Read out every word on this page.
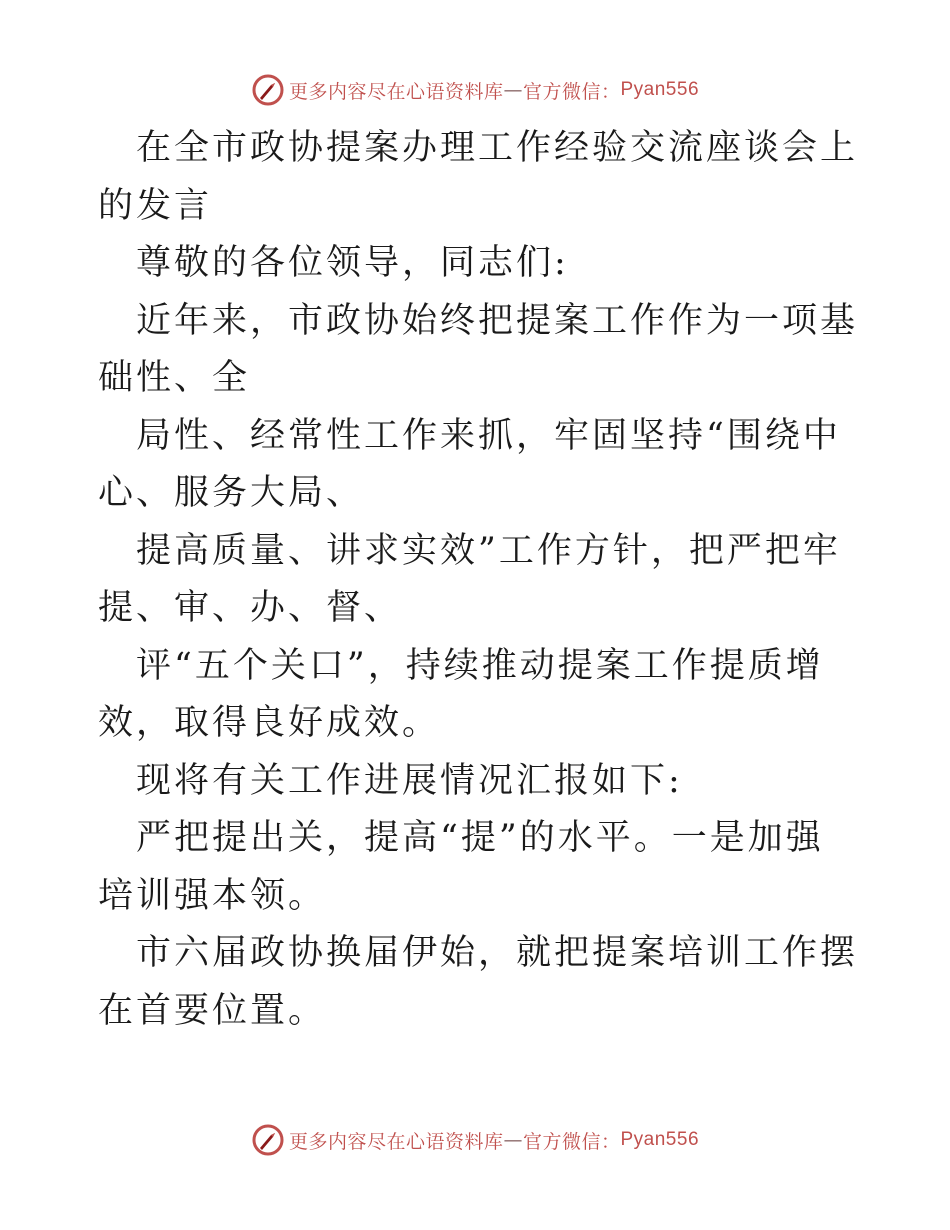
更多内容尽在心语资料库 — 官方微信： Pyan556

在全市政协提案办理工作经验交流座谈会上的发言

尊敬的各位领导，同志们:

近年来，市政协始终把提案工作作为一项基础性、全

局性、经常性工作来抓，牢固坚持“围绕中心、服务大局、

提高质量、讲求实效”工作方针，把严把牢提、审、办、督、

评“五个关口”，持续推动提案工作提质增效，取得良好成效。

现将有关工作进展情况汇报如下:

严把提出关，提高“提”的水平。一是加强培训强本领。

市六届政协换届伊始，就把提案培训工作摆在首要位置。

更多内容尽在心语资料库 — 官方微信： Pyan556
